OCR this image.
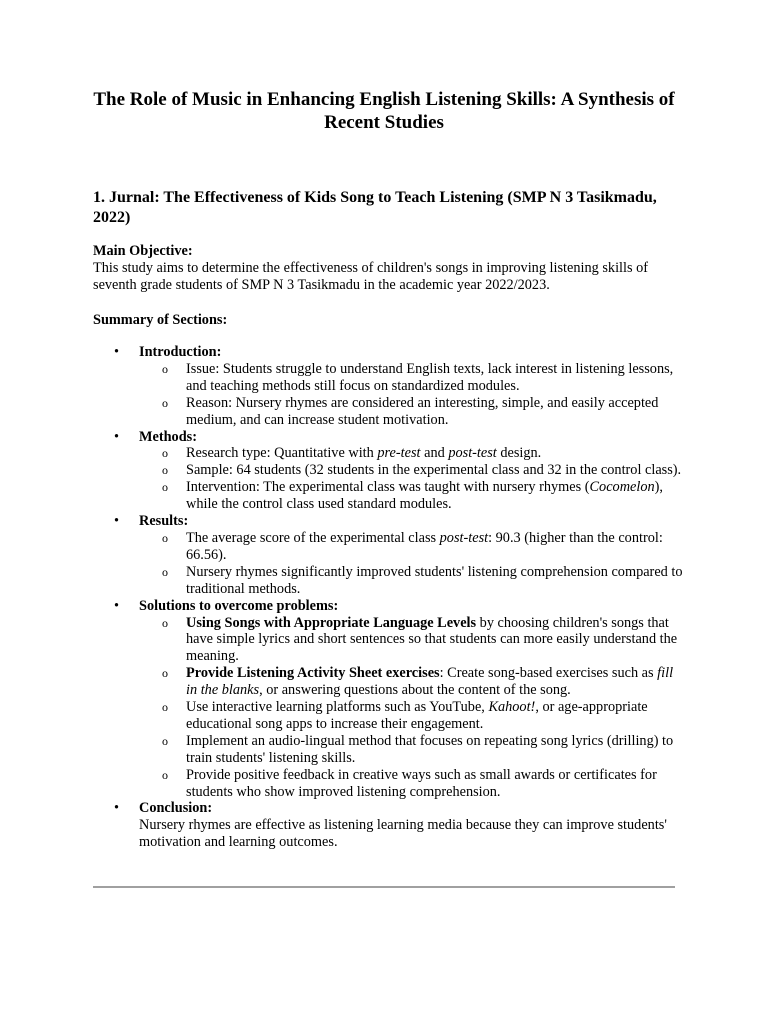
The Role of Music in Enhancing English Listening Skills: A Synthesis of Recent Studies
1. Jurnal: The Effectiveness of Kids Song to Teach Listening (SMP N 3 Tasikmadu, 2022)
Main Objective:
This study aims to determine the effectiveness of children's songs in improving listening skills of seventh grade students of SMP N 3 Tasikmadu in the academic year 2022/2023.
Summary of Sections:
• Introduction:
o Issue: Students struggle to understand English texts, lack interest in listening lessons, and teaching methods still focus on standardized modules.
o Reason: Nursery rhymes are considered an interesting, simple, and easily accepted medium, and can increase student motivation.
• Methods:
o Research type: Quantitative with pre-test and post-test design.
o Sample: 64 students (32 students in the experimental class and 32 in the control class).
o Intervention: The experimental class was taught with nursery rhymes (Cocomelon), while the control class used standard modules.
• Results:
o The average score of the experimental class post-test: 90.3 (higher than the control: 66.56).
o Nursery rhymes significantly improved students' listening comprehension compared to traditional methods.
• Solutions to overcome problems:
o Using Songs with Appropriate Language Levels by choosing children's songs that have simple lyrics and short sentences so that students can more easily understand the meaning.
o Provide Listening Activity Sheet exercises: Create song-based exercises such as fill in the blanks, or answering questions about the content of the song.
o Use interactive learning platforms such as YouTube, Kahoot!, or age-appropriate educational song apps to increase their engagement.
o Implement an audio-lingual method that focuses on repeating song lyrics (drilling) to train students' listening skills.
o Provide positive feedback in creative ways such as small awards or certificates for students who show improved listening comprehension.
• Conclusion:
Nursery rhymes are effective as listening learning media because they can improve students' motivation and learning outcomes.
